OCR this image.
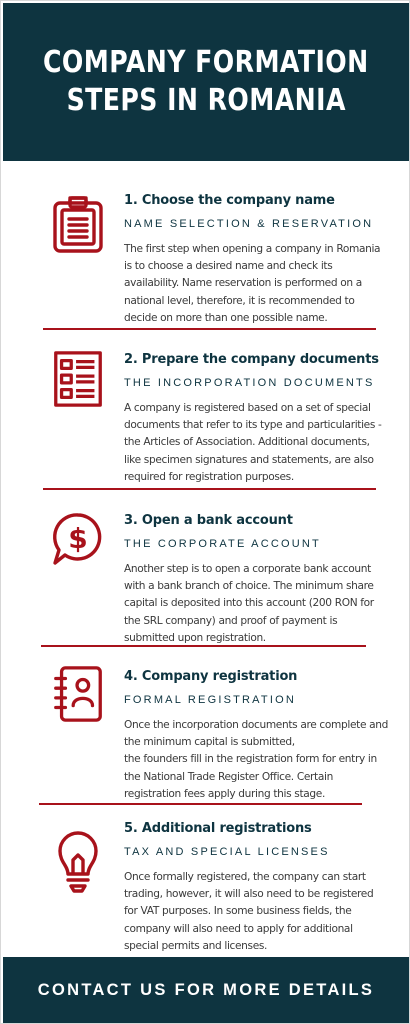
COMPANY FORMATION
STEPS IN ROMANIA
1. Choose the company name
NAME SELECTION & RESERVATION
The first step when opening a company in Romania is to choose a desired name and check its availability. Name reservation is performed on a national level, therefore, it is recommended to decide on more than one possible name.
2. Prepare the company documents
THE INCORPORATION DOCUMENTS
A company is registered based on a set of special documents that refer to its type and particularities - the Articles of Association. Additional documents, like specimen signatures and statements, are also required for registration purposes.
$
3. Open a bank account
THE CORPORATE ACCOUNT
Another step is to open a corporate bank account with a bank branch of choice. The minimum share capital is deposited into this account (200 RON for the SRL company) and proof of payment is submitted upon registration.
4. Company registration
FORMAL REGISTRATION
Once the incorporation documents are complete and the minimum capital is submitted,
the founders fill in the registration form for entry in the National Trade Register Office. Certain registration fees apply during this stage.
5. Additional registrations
TAX AND SPECIAL LICENSES
Once formally registered, the company can start trading, however, it will also need to be registered for VAT purposes. In some business fields, the company will also need to apply for additional special permits and licenses.
CONTACT US FOR MORE DETAILS
